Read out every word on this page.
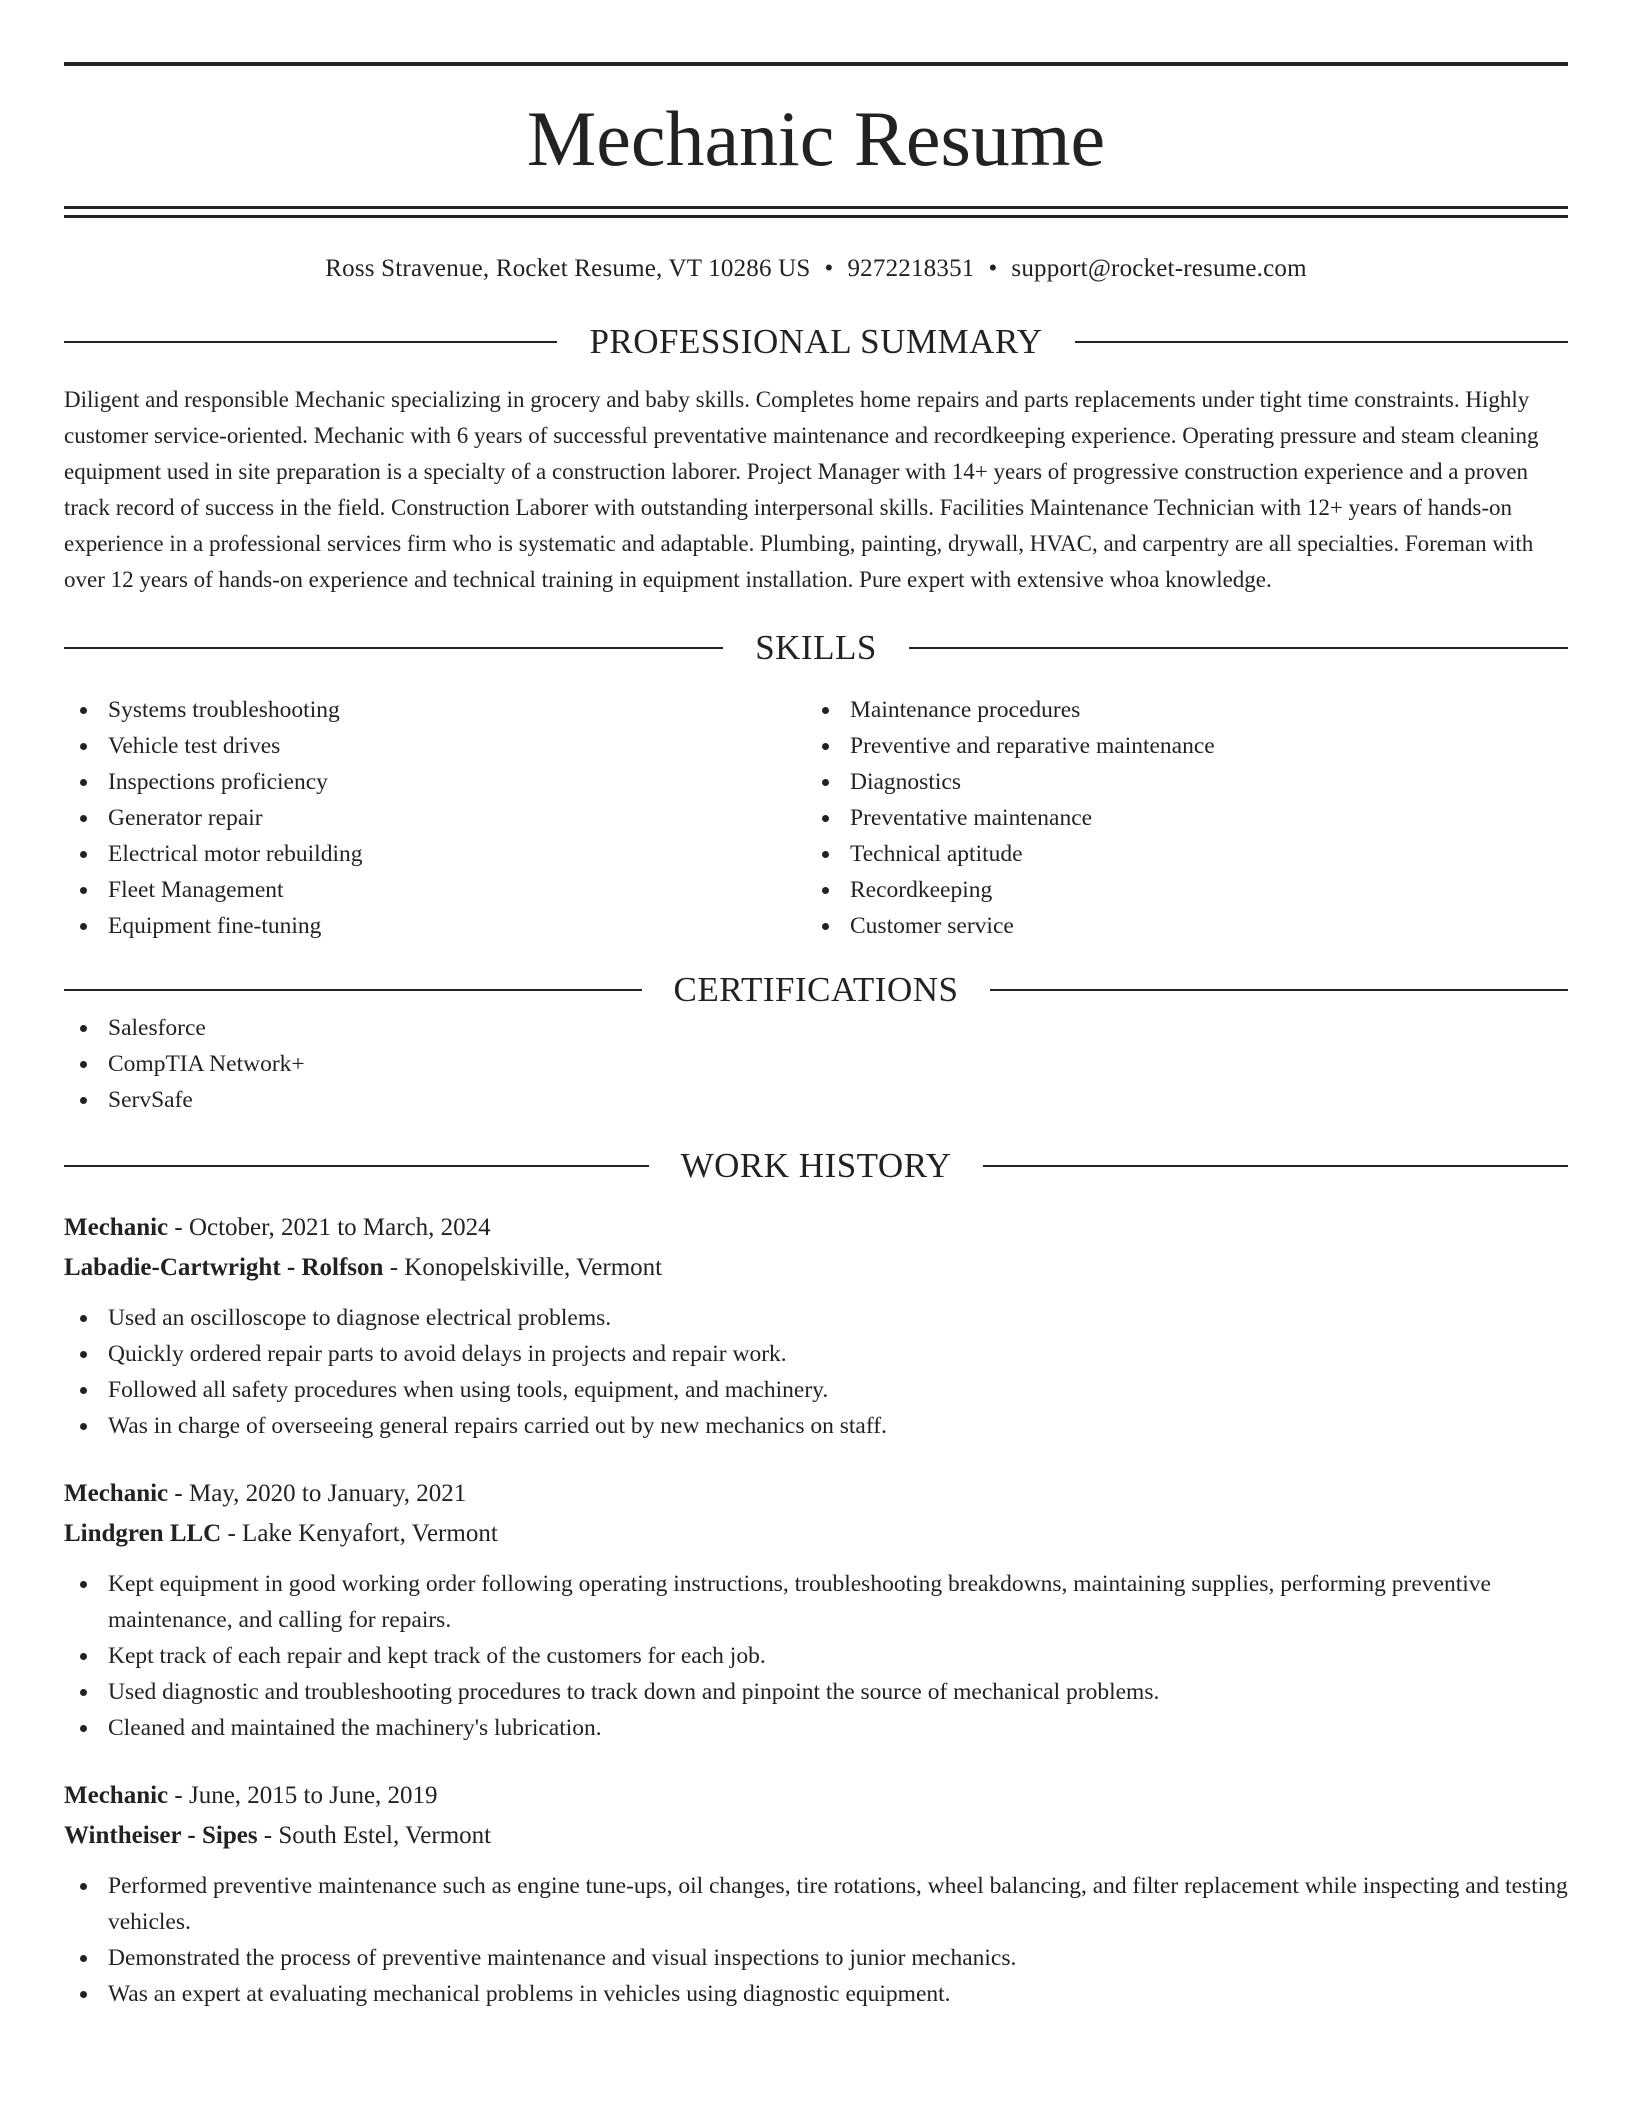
Mechanic Resume
Ross Stravenue, Rocket Resume, VT 10286 US • 9272218351 • support@rocket-resume.com
PROFESSIONAL SUMMARY
Diligent and responsible Mechanic specializing in grocery and baby skills. Completes home repairs and parts replacements under tight time constraints. Highly customer service-oriented. Mechanic with 6 years of successful preventative maintenance and recordkeeping experience. Operating pressure and steam cleaning equipment used in site preparation is a specialty of a construction laborer. Project Manager with 14+ years of progressive construction experience and a proven track record of success in the field. Construction Laborer with outstanding interpersonal skills. Facilities Maintenance Technician with 12+ years of hands-on experience in a professional services firm who is systematic and adaptable. Plumbing, painting, drywall, HVAC, and carpentry are all specialties. Foreman with over 12 years of hands-on experience and technical training in equipment installation. Pure expert with extensive whoa knowledge.
SKILLS
Systems troubleshooting
Vehicle test drives
Inspections proficiency
Generator repair
Electrical motor rebuilding
Fleet Management
Equipment fine-tuning
Maintenance procedures
Preventive and reparative maintenance
Diagnostics
Preventative maintenance
Technical aptitude
Recordkeeping
Customer service
CERTIFICATIONS
Salesforce
CompTIA Network+
ServSafe
WORK HISTORY
Mechanic - October, 2021 to March, 2024
Labadie-Cartwright - Rolfson - Konopelskiville, Vermont
Used an oscilloscope to diagnose electrical problems.
Quickly ordered repair parts to avoid delays in projects and repair work.
Followed all safety procedures when using tools, equipment, and machinery.
Was in charge of overseeing general repairs carried out by new mechanics on staff.
Mechanic - May, 2020 to January, 2021
Lindgren LLC - Lake Kenyafort, Vermont
Kept equipment in good working order following operating instructions, troubleshooting breakdowns, maintaining supplies, performing preventive maintenance, and calling for repairs.
Kept track of each repair and kept track of the customers for each job.
Used diagnostic and troubleshooting procedures to track down and pinpoint the source of mechanical problems.
Cleaned and maintained the machinery's lubrication.
Mechanic - June, 2015 to June, 2019
Wintheiser - Sipes - South Estel, Vermont
Performed preventive maintenance such as engine tune-ups, oil changes, tire rotations, wheel balancing, and filter replacement while inspecting and testing vehicles.
Demonstrated the process of preventive maintenance and visual inspections to junior mechanics.
Was an expert at evaluating mechanical problems in vehicles using diagnostic equipment.
